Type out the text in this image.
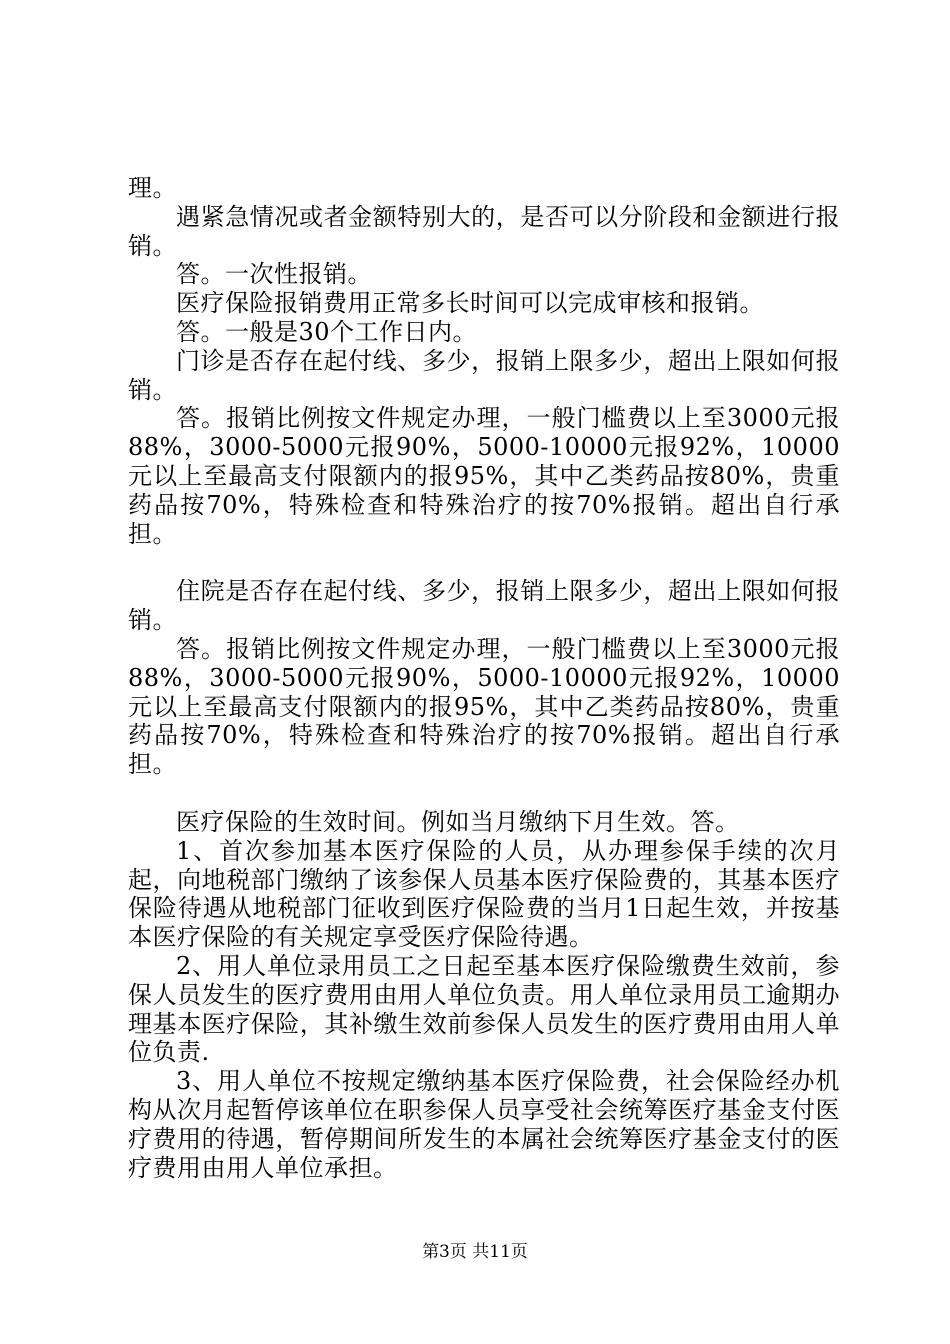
理。

遇紧急情况或者金额特别大的，是否可以分阶段和金额进行报销。

答。一次性报销。

医疗保险报销费用正常多长时间可以完成审核和报销。

答。一般是30个工作日内。

门诊是否存在起付线、多少，报销上限多少，超出上限如何报销。

答。报销比例按文件规定办理，一般门槛费以上至3000元报88%，3000-5000元报90%，5000-10000元报92%，10000元以上至最高支付限额内的报95%，其中乙类药品按80%，贵重药品按70%，特殊检查和特殊治疗的按70%报销。超出自行承担。

住院是否存在起付线、多少，报销上限多少，超出上限如何报销。

答。报销比例按文件规定办理，一般门槛费以上至3000元报88%，3000-5000元报90%，5000-10000元报92%，10000元以上至最高支付限额内的报95%，其中乙类药品按80%，贵重药品按70%，特殊检查和特殊治疗的按70%报销。超出自行承担。

医疗保险的生效时间。例如当月缴纳下月生效。答。

1、首次参加基本医疗保险的人员，从办理参保手续的次月起，向地税部门缴纳了该参保人员基本医疗保险费的，其基本医疗保险待遇从地税部门征收到医疗保险费的当月1日起生效，并按基本医疗保险的有关规定享受医疗保险待遇。

2、用人单位录用员工之日起至基本医疗保险缴费生效前，参保人员发生的医疗费用由用人单位负责。用人单位录用员工逾期办理基本医疗保险，其补缴生效前参保人员发生的医疗费用由用人单位负责.

3、用人单位不按规定缴纳基本医疗保险费，社会保险经办机构从次月起暂停该单位在职参保人员享受社会统筹医疗基金支付医疗费用的待遇，暂停期间所发生的本属社会统筹医疗基金支付的医疗费用由用人单位承担。

第3页 共11页
